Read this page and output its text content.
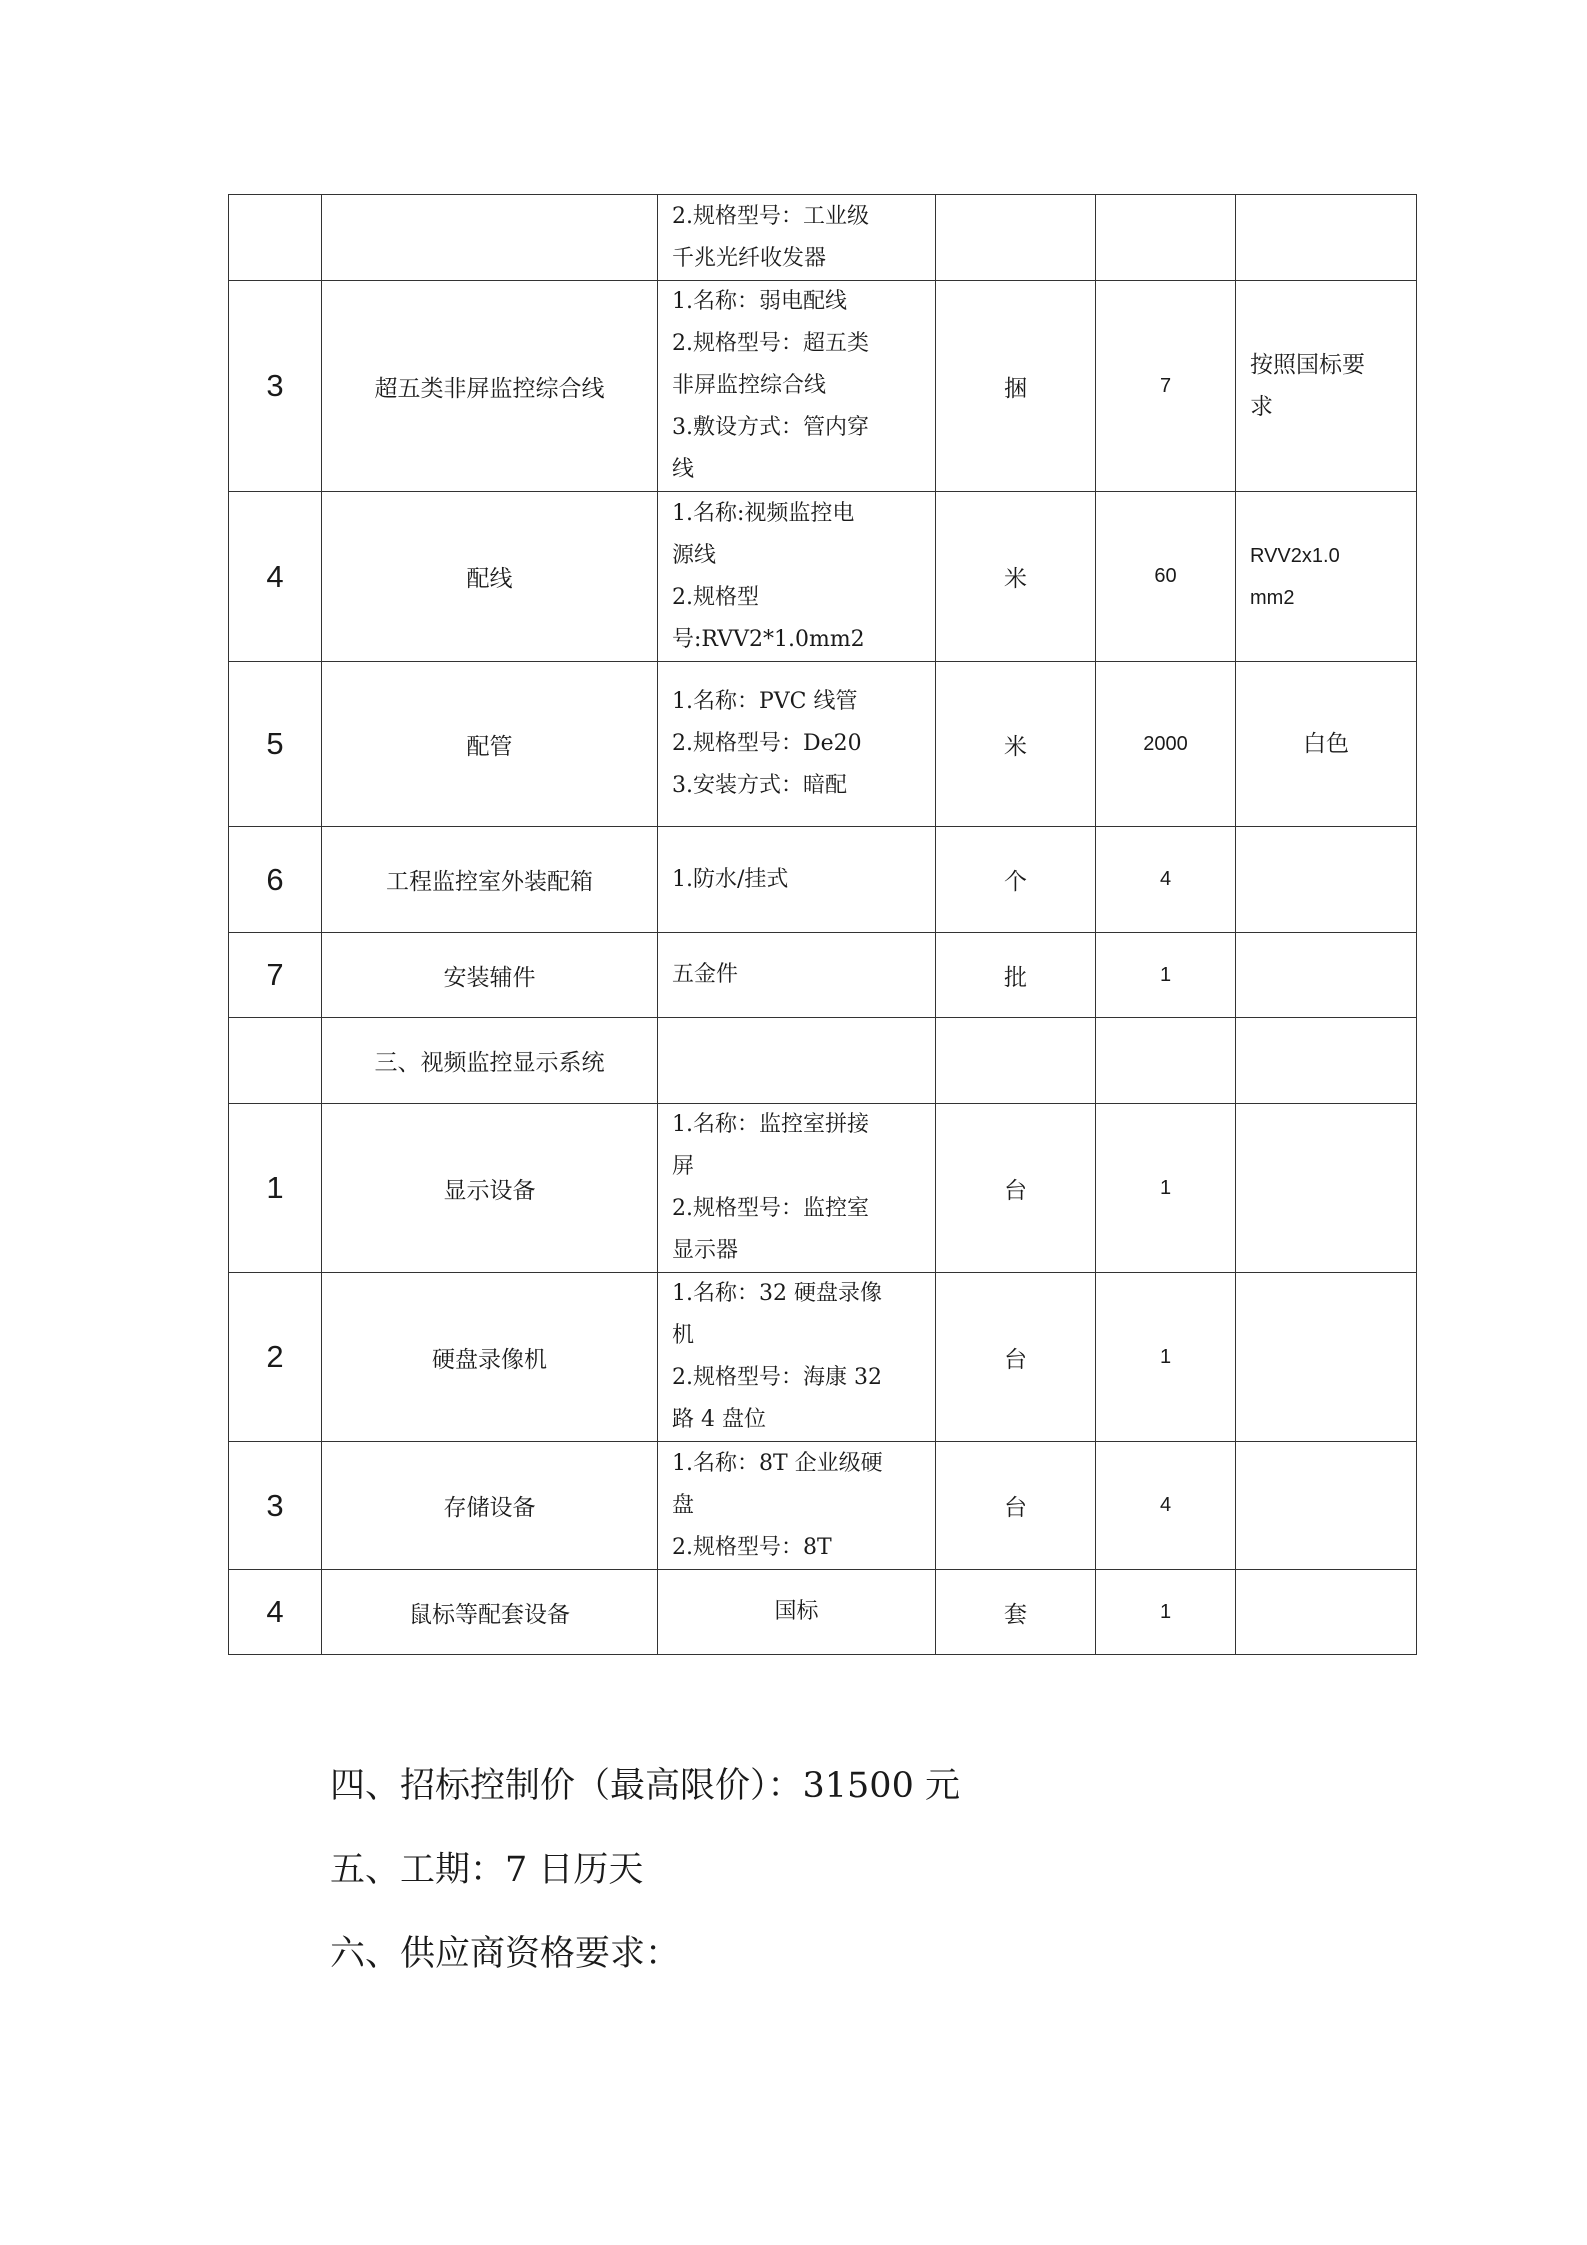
		2.规格型号：工业级
千兆光纤收发器			

3	超五类非屏监控综合线	1.名称：弱电配线
2.规格型号：超五类
非屏监控综合线
3.敷设方式：管内穿
线	捆	7	按照国标要
求

4	配线	1.名称:视频监控电
源线
2.规格型
号:RVV2*1.0mm2	米	60	RVV2x1.0
mm2

5	配管	1.名称：PVC 线管
2.规格型号：De20
3.安装方式：暗配	米	2000	白色

6	工程监控室外装配箱	1.防水/挂式	个	4	
7	安装辅件	五金件	批	1	
	三、视频监控显示系统				
1	显示设备	1.名称：监控室拼接
屏
2.规格型号：监控室
显示器	台	1	
2	硬盘录像机	1.名称：32 硬盘录像
机
2.规格型号：海康 32
路 4 盘位	台	1	
3	存储设备	1.名称：8T 企业级硬
盘
2.规格型号：8T	台	4	
4	鼠标等配套设备	国标	套	1	
四、招标控制价（最高限价）：31500 元
五、工期：7 日历天
六、供应商资格要求：
